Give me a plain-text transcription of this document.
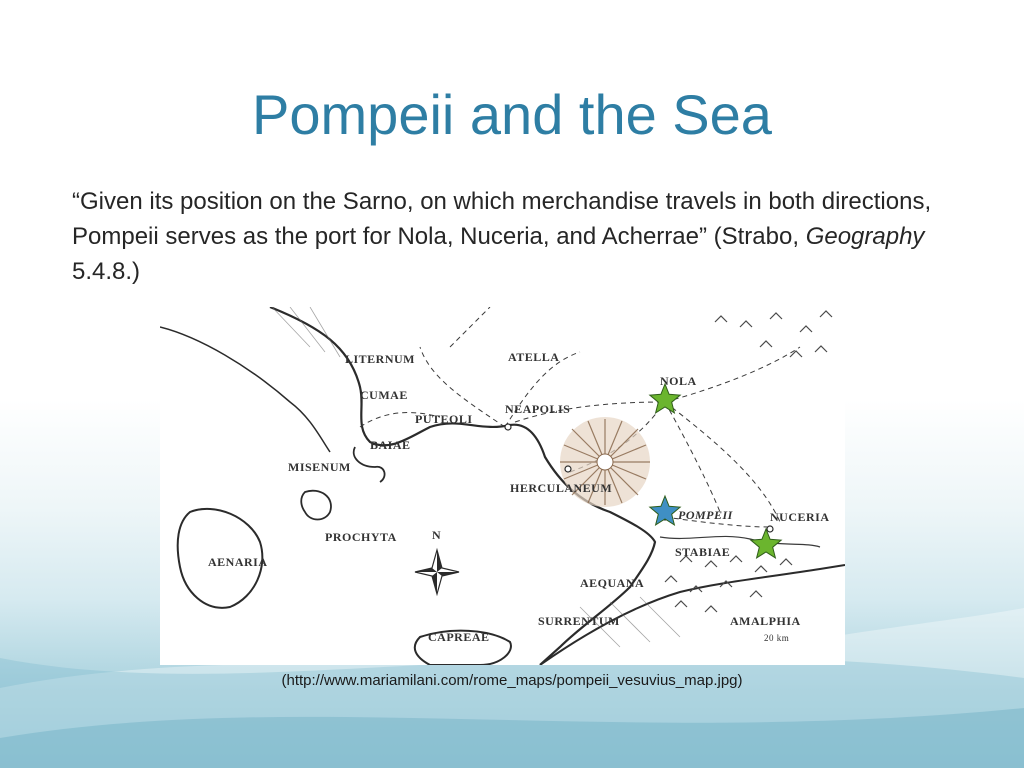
Pompeii and the Sea

“Given its position on the Sarno, on which merchandise travels in both directions, Pompeii serves as the port for Nola, Nuceria, and Acherrae” (Strabo, Geography 5.4.8.)

N
LITERNUM	ATELLA
NOLA
CUMAE
PUTEOLI
NEAPOLIS
BAIAE
MISENUM
HERCULANEUM
POMPEII	NUCERIA
STABIAE
PROCHYTA
AENARIA
AEQUANA
SURRENTUM	AMALPHIA
CAPREAE	20 km
(http://www.mariamilani.com/rome_maps/pompeii_vesuvius_map.jpg)
